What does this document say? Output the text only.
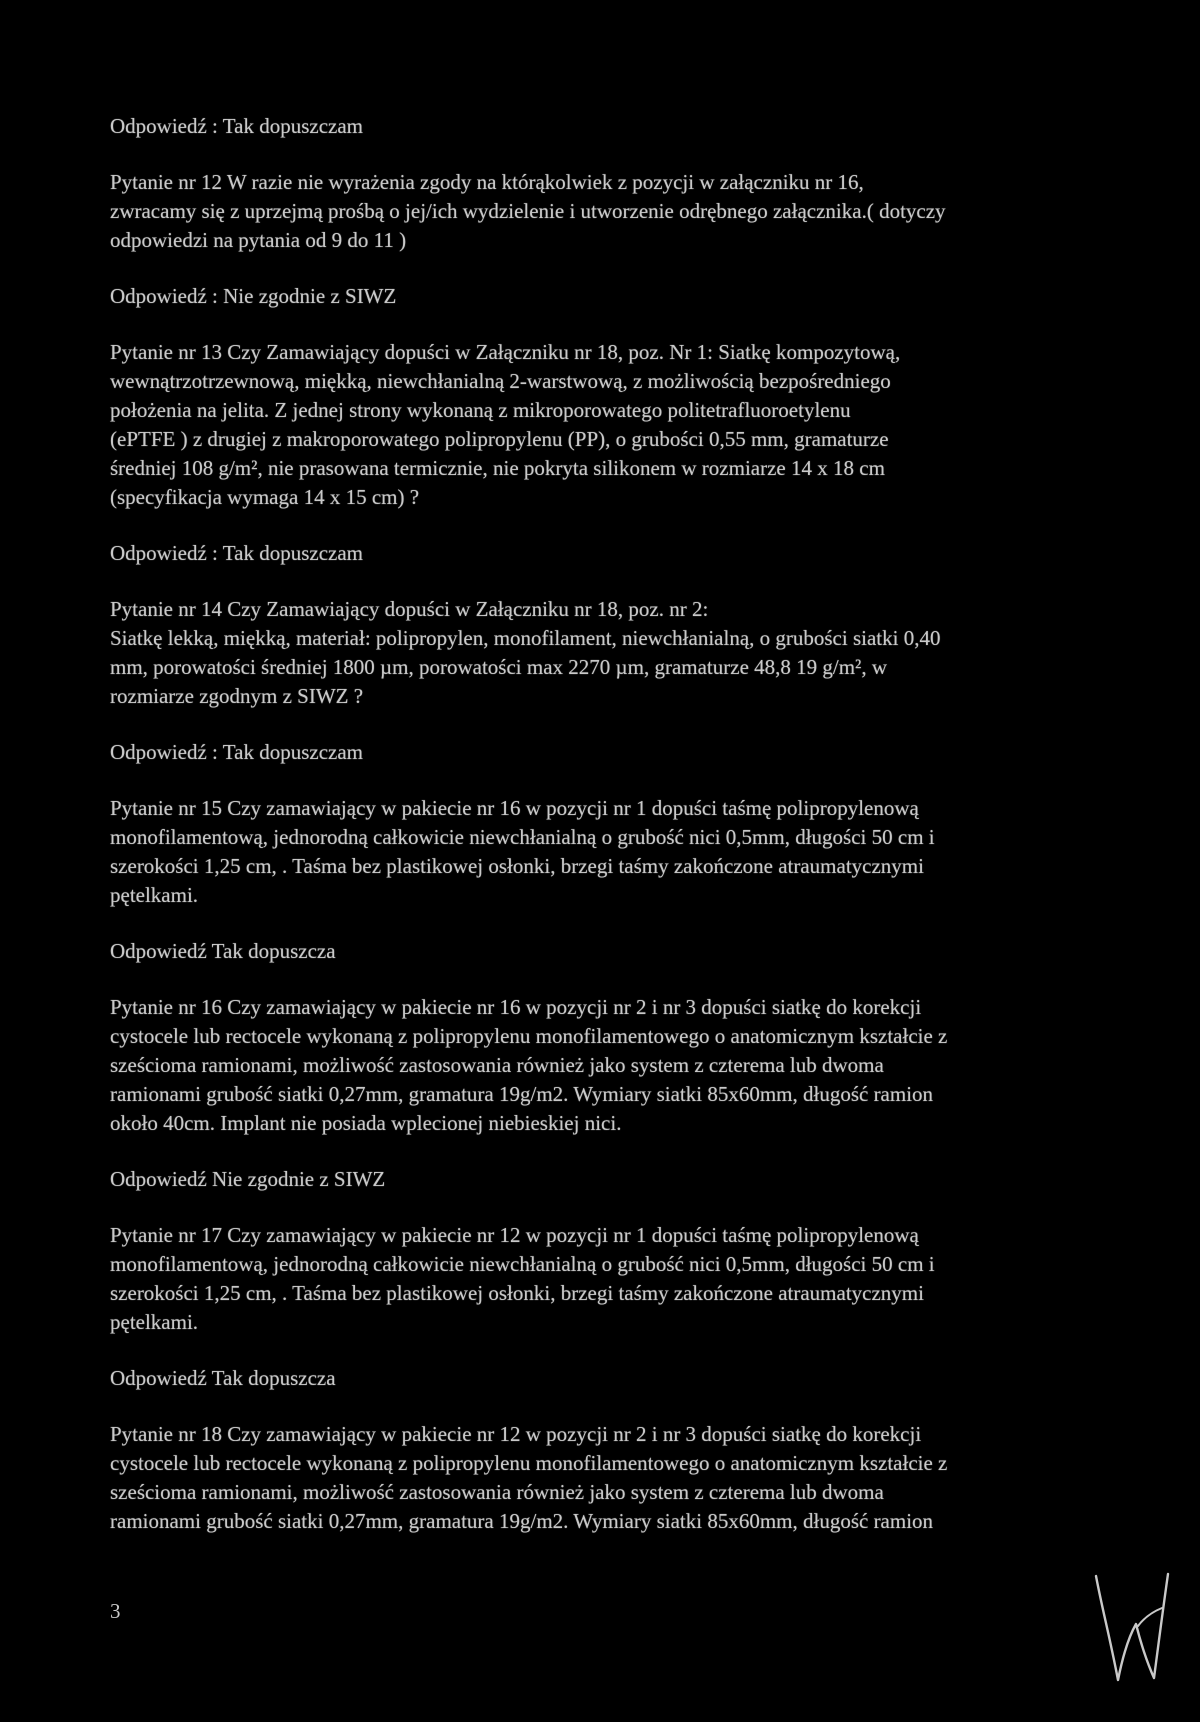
Odpowiedź : Tak dopuszczam

Pytanie nr 12 W razie nie wyrażenia zgody na którąkolwiek z pozycji w załączniku nr 16,
zwracamy się z uprzejmą prośbą o jej/ich wydzielenie i utworzenie odrębnego załącznika.( dotyczy
odpowiedzi na pytania od 9 do 11 )

Odpowiedź : Nie zgodnie z SIWZ

Pytanie nr 13 Czy Zamawiający dopuści w Załączniku nr 18, poz. Nr 1: Siatkę kompozytową,
wewnątrzotrzewnową, miękką, niewchłanialną 2-warstwową, z możliwością bezpośredniego
położenia na jelita. Z jednej strony wykonaną z mikroporowatego politetrafluoroetylenu
(ePTFE ) z drugiej z makroporowatego polipropylenu (PP), o grubości 0,55 mm, gramaturze
średniej 108 g/m², nie prasowana termicznie, nie pokryta silikonem w rozmiarze 14 x 18 cm
(specyfikacja wymaga 14 x 15 cm) ?

Odpowiedź : Tak dopuszczam

Pytanie nr 14 Czy Zamawiający dopuści w Załączniku nr 18, poz. nr 2:
Siatkę lekką, miękką, materiał: polipropylen, monofilament, niewchłanialną, o grubości siatki 0,40
mm, porowatości średniej 1800 µm, porowatości max 2270 µm, gramaturze 48,8 19 g/m², w
rozmiarze zgodnym z SIWZ ?

Odpowiedź : Tak dopuszczam

Pytanie nr 15 Czy zamawiający w pakiecie nr 16 w pozycji nr 1 dopuści taśmę polipropylenową
monofilamentową, jednorodną całkowicie niewchłanialną o grubość nici 0,5mm, długości 50 cm i
szerokości 1,25 cm, . Taśma bez plastikowej osłonki, brzegi taśmy zakończone atraumatycznymi
pętelkami.

Odpowiedź Tak dopuszcza

Pytanie nr 16 Czy zamawiający w pakiecie nr 16 w pozycji nr 2 i nr 3 dopuści siatkę do korekcji
cystocele lub rectocele wykonaną z polipropylenu monofilamentowego o anatomicznym kształcie z
sześcioma ramionami, możliwość zastosowania również jako system z czterema lub dwoma
ramionami grubość siatki 0,27mm, gramatura 19g/m2. Wymiary siatki 85x60mm, długość ramion
około 40cm. Implant nie posiada wplecionej niebieskiej nici.

Odpowiedź Nie zgodnie z SIWZ

Pytanie nr 17 Czy zamawiający w pakiecie nr 12 w pozycji nr 1 dopuści taśmę polipropylenową
monofilamentową, jednorodną całkowicie niewchłanialną o grubość nici 0,5mm, długości 50 cm i
szerokości 1,25 cm, . Taśma bez plastikowej osłonki, brzegi taśmy zakończone atraumatycznymi
pętelkami.

Odpowiedź Tak dopuszcza

Pytanie nr 18 Czy zamawiający w pakiecie nr 12 w pozycji nr 2 i nr 3 dopuści siatkę do korekcji
cystocele lub rectocele wykonaną z polipropylenu monofilamentowego o anatomicznym kształcie z
sześcioma ramionami, możliwość zastosowania również jako system z czterema lub dwoma
ramionami grubość siatki 0,27mm, gramatura 19g/m2. Wymiary siatki 85x60mm, długość ramion

3
